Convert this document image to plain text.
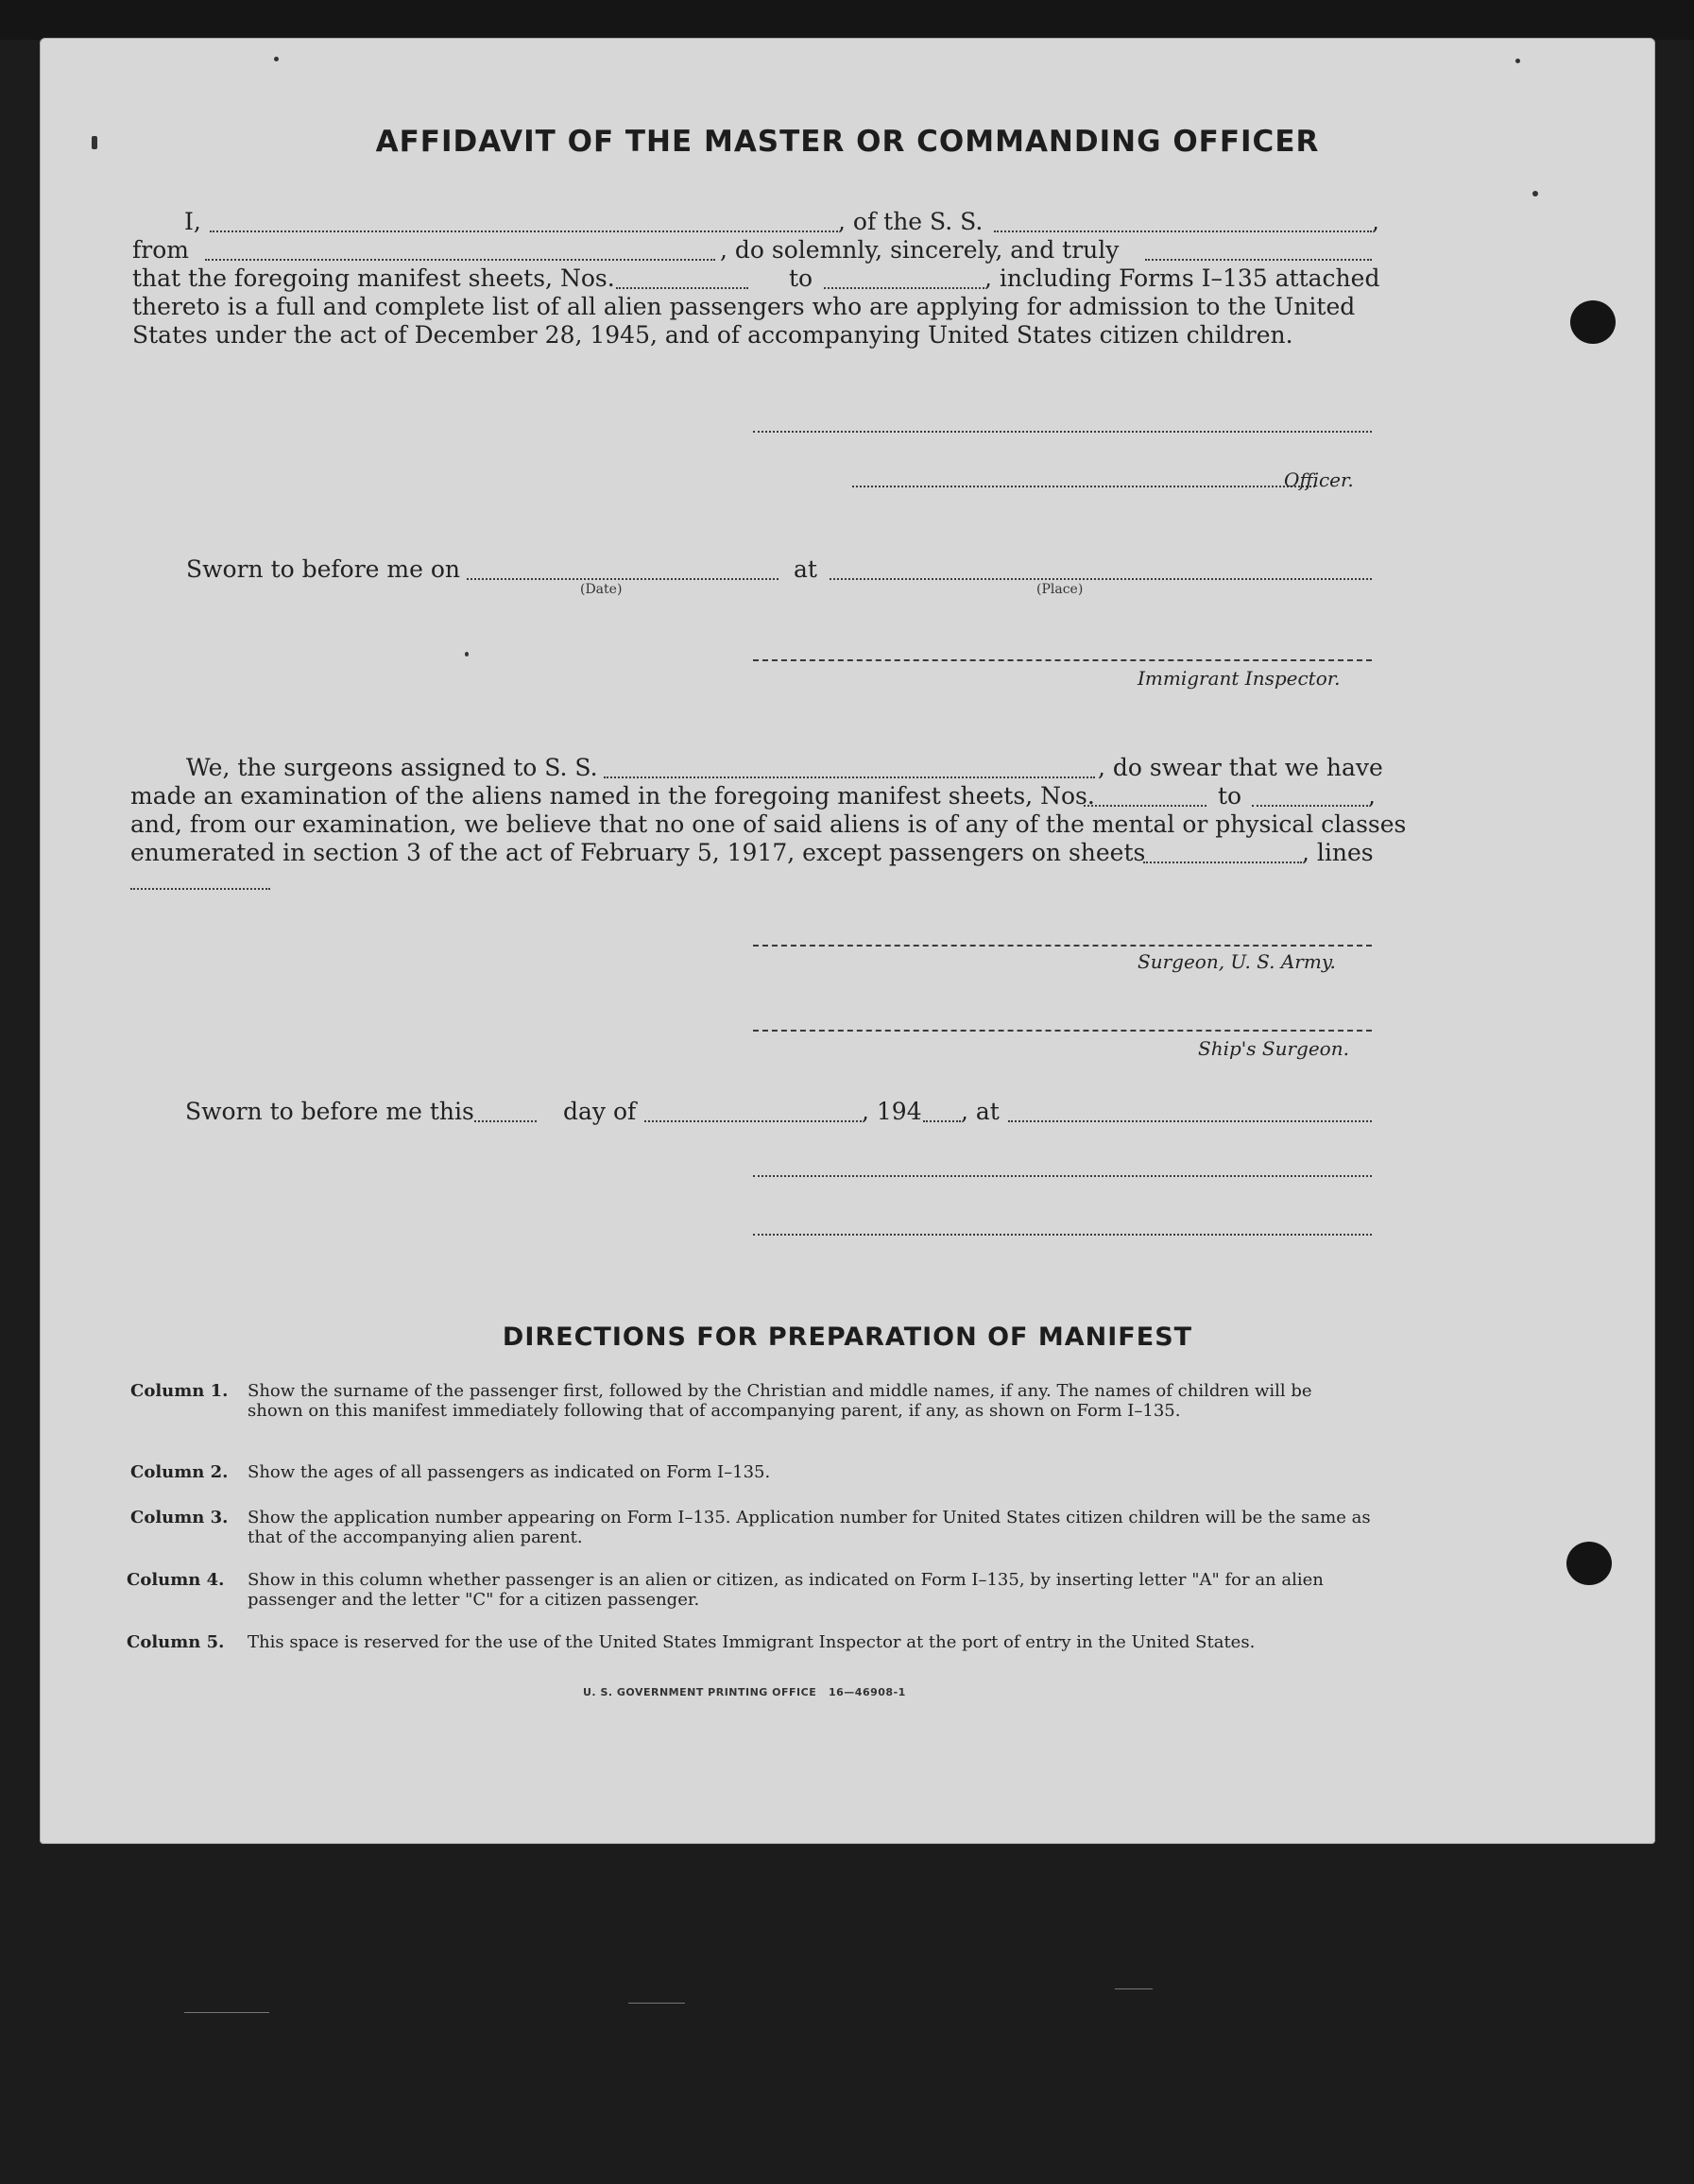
AFFIDAVIT OF THE MASTER OR COMMANDING OFFICER
I,	, of the S. S.	,
from	, do solemnly, sincerely, and truly
that the foregoing manifest sheets, Nos.	to	, including Forms I–135 attached
thereto is a full and complete list of all alien passengers who are applying for admission to the United
States under the act of December 28, 1945, and of accompanying United States citizen children.
Officer.
Sworn to before me on
(Date)
at
(Place)
Immigrant Inspector.
We, the surgeons assigned to S. S.	, do swear that we have
made an examination of the aliens named in the foregoing manifest sheets, Nos.	to	,
and, from our examination, we believe that no one of said aliens is of any of the mental or physical classes
enumerated in section 3 of the act of February 5, 1917, except passengers on sheets	, lines
Surgeon, U. S. Army.
Ship's Surgeon.
Sworn to before me this	day of	, 194 , at
DIRECTIONS FOR PREPARATION OF MANIFEST
Column 1. Show the surname of the passenger first, followed by the Christian and middle names, if any. The names of children will be shown on this manifest immediately following that of accompanying parent, if any, as shown on Form I–135.
Column 2. Show the ages of all passengers as indicated on Form I–135.
Column 3. Show the application number appearing on Form I–135. Application number for United States citizen children will be the same as that of the accompanying alien parent.
Column 4. Show in this column whether passenger is an alien or citizen, as indicated on Form I–135, by inserting letter "A" for an alien passenger and the letter "C" for a citizen passenger.
Column 5. This space is reserved for the use of the United States Immigrant Inspector at the port of entry in the United States.
U. S. GOVERNMENT PRINTING OFFICE 16—46908-1
